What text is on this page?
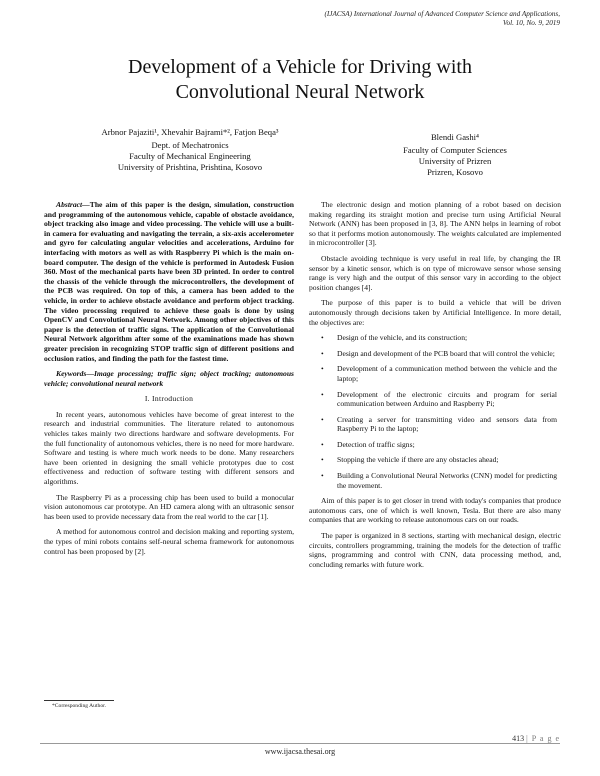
(IJACSA) International Journal of Advanced Computer Science and Applications,
Vol. 10, No. 9, 2019
Development of a Vehicle for Driving with
Convolutional Neural Network
Arbnor Pajaziti¹, Xhevahir Bajrami*², Fatjon Beqa³
Dept. of Mechatronics
Faculty of Mechanical Engineering
University of Prishtina, Prishtina, Kosovo
Blendi Gashi⁴
Faculty of Computer Sciences
University of Prizren
Prizren, Kosovo

Abstract—The aim of this paper is the design, simulation, construction and programming of the autonomous vehicle, capable of obstacle avoidance, object tracking also image and video processing. The vehicle will use a built-in camera for evaluating and navigating the terrain, a six-axis accelerometer and gyro for calculating angular velocities and accelerations, Arduino for interfacing with motors as well as with Raspberry Pi which is the main on-board computer. The design of the vehicle is performed in Autodesk Fusion 360. Most of the mechanical parts have been 3D printed. In order to control the chassis of the vehicle through the microcontrollers, the development of the PCB was required. On top of this, a camera has been added to the vehicle, in order to achieve obstacle avoidance and perform object tracking. The video processing required to achieve these goals is done by using OpenCV and Convolutional Neural Network. Among other objectives of this paper is the detection of traffic signs. The application of the Convolutional Neural Network algorithm after some of the examinations made has shown greater precision in recognizing STOP traffic sign of different positions and occlusion ratios, and finding the path for the fastest time.

Keywords—Image processing; traffic sign; object tracking; autonomous vehicle; convolutional neural network

I. Introduction

In recent years, autonomous vehicles have become of great interest to the research and industrial communities. The literature related to autonomous vehicles takes mainly two directions hardware and software developments. For the full functionality of autonomous vehicles, there is no need for more hardware. Software and testing is where much work needs to be done. Many researchers have been oriented in designing the small vehicle prototypes due to cost effectiveness and reduction of software testing with different sensors and algorithms.

The Raspberry Pi as a processing chip has been used to build a monocular vision autonomous car prototype. An HD camera along with an ultrasonic sensor has been used to provide necessary data from the real world to the car [1].

A method for autonomous control and decision making and reporting system, the types of mini robots contains self-neural schema framework for autonomous control has been proposed by [2].

The electronic design and motion planning of a robot based on decision making regarding its straight motion and precise turn using Artificial Neural Network (ANN) has been proposed in [3, 8]. The ANN helps in learning of robot so that it performs motion autonomously. The weights calculated are implemented in microcontroller [3].

Obstacle avoiding technique is very useful in real life, by changing the IR sensor by a kinetic sensor, which is on type of microwave sensor whose sensing range is very high and the output of this sensor vary in according to the object position changes [4].

The purpose of this paper is to build a vehicle that will be driven autonomously through decisions taken by Artificial Intelligence. In more detail, the objectives are:

• Design of the vehicle, and its construction;
• Design and development of the PCB board that will control the vehicle;
• Development of a communication method between the vehicle and the laptop;
• Development of the electronic circuits and program for serial communication between Arduino and Raspberry Pi;
• Creating a server for transmitting video and sensors data from Raspberry Pi to the laptop;
• Detection of traffic signs;
• Stopping the vehicle if there are any obstacles ahead;
• Building a Convolutional Neural Networks (CNN) model for predicting the movement.

Aim of this paper is to get closer in trend with today's companies that produce autonomous cars, one of which is well known, Tesla. But there are also many companies that are working to release autonomous cars on our roads.

The paper is organized in 8 sections, starting with mechanical design, electric circuits, controllers programming, training the models for the detection of traffic signs, programming and control with CNN, data processing method, and, concluding remarks with future work.

*Corresponding Author.
413 | P a g e
www.ijacsa.thesai.org
